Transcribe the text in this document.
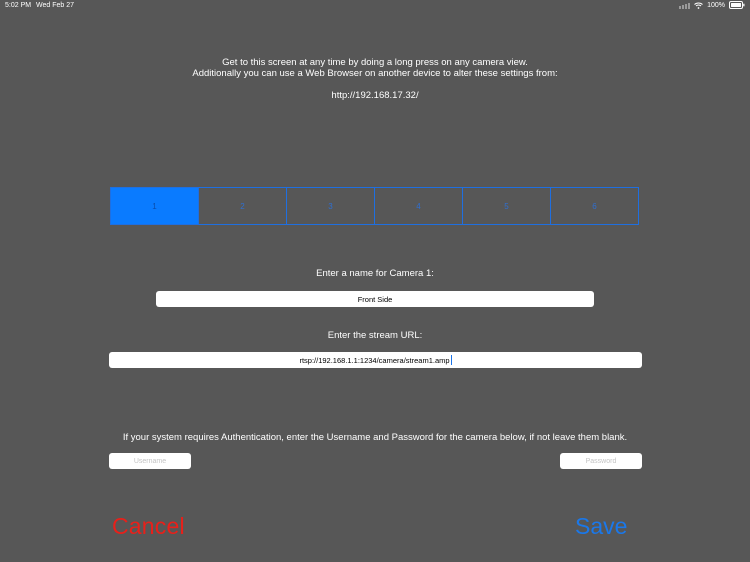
5:02 PM Wed Feb 27	100%
Get to this screen at any time by doing a long press on any camera view.
Additionally you can use a Web Browser on another device to alter these settings from:
http://192.168.17.32/
1	2	3	4	5	6
Enter a name for Camera 1:
Front Side
Enter the stream URL:
rtsp://192.168.1.1:1234/camera/stream1.amp
If your system requires Authentication, enter the Username and Password for the camera below, if not leave them blank.
Username	Password
Cancel	Save
